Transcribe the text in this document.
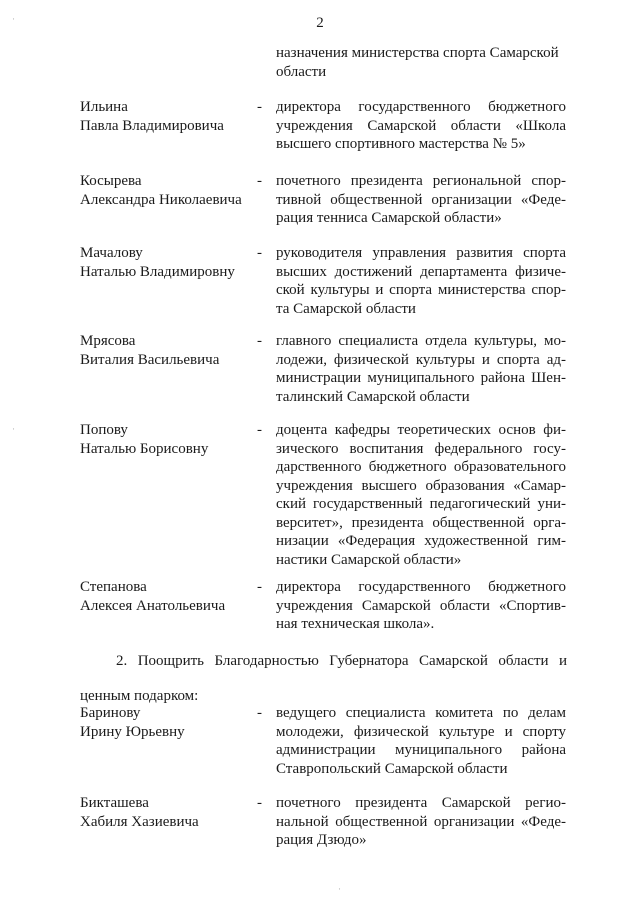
2
назначения министерства спорта Самарской
области
Ильина
Павла Владимировича
- директора государственного бюджетного
учреждения Самарской области «Школа
высшего спортивного мастерства № 5»
Косырева
Александра Николаевича
- почетного президента региональной спор-
тивной общественной организации «Феде-
рация тенниса Самарской области»
Мачалову
Наталью Владимировну
- руководителя управления развития спорта
высших достижений департамента физиче-
ской культуры и спорта министерства спор-
та Самарской области
Мрясова
Виталия Васильевича
- главного специалиста отдела культуры, мо-
лодежи, физической культуры и спорта ад-
министрации муниципального района Шен-
талинский Самарской области
Попову
Наталью Борисовну
- доцента кафедры теоретических основ фи-
зического воспитания федерального госу-
дарственного бюджетного образовательного
учреждения высшего образования «Самар-
ский государственный педагогический уни-
верситет», президента общественной орга-
низации «Федерация художественной гим-
настики Самарской области»
Степанова
Алексея Анатольевича
- директора государственного бюджетного
учреждения Самарской области «Спортив-
ная техническая школа».
2. Поощрить Благодарностью Губернатора Самарской области и
ценным подарком:
Баринову
Ирину Юрьевну
- ведущего специалиста комитета по делам
молодежи, физической культуре и спорту
администрации муниципального района
Ставропольский Самарской области
Бикташева
Хабиля Хазиевича
- почетного президента Самарской регио-
нальной общественной организации «Феде-
рация Дзюдо»
·
·
·
